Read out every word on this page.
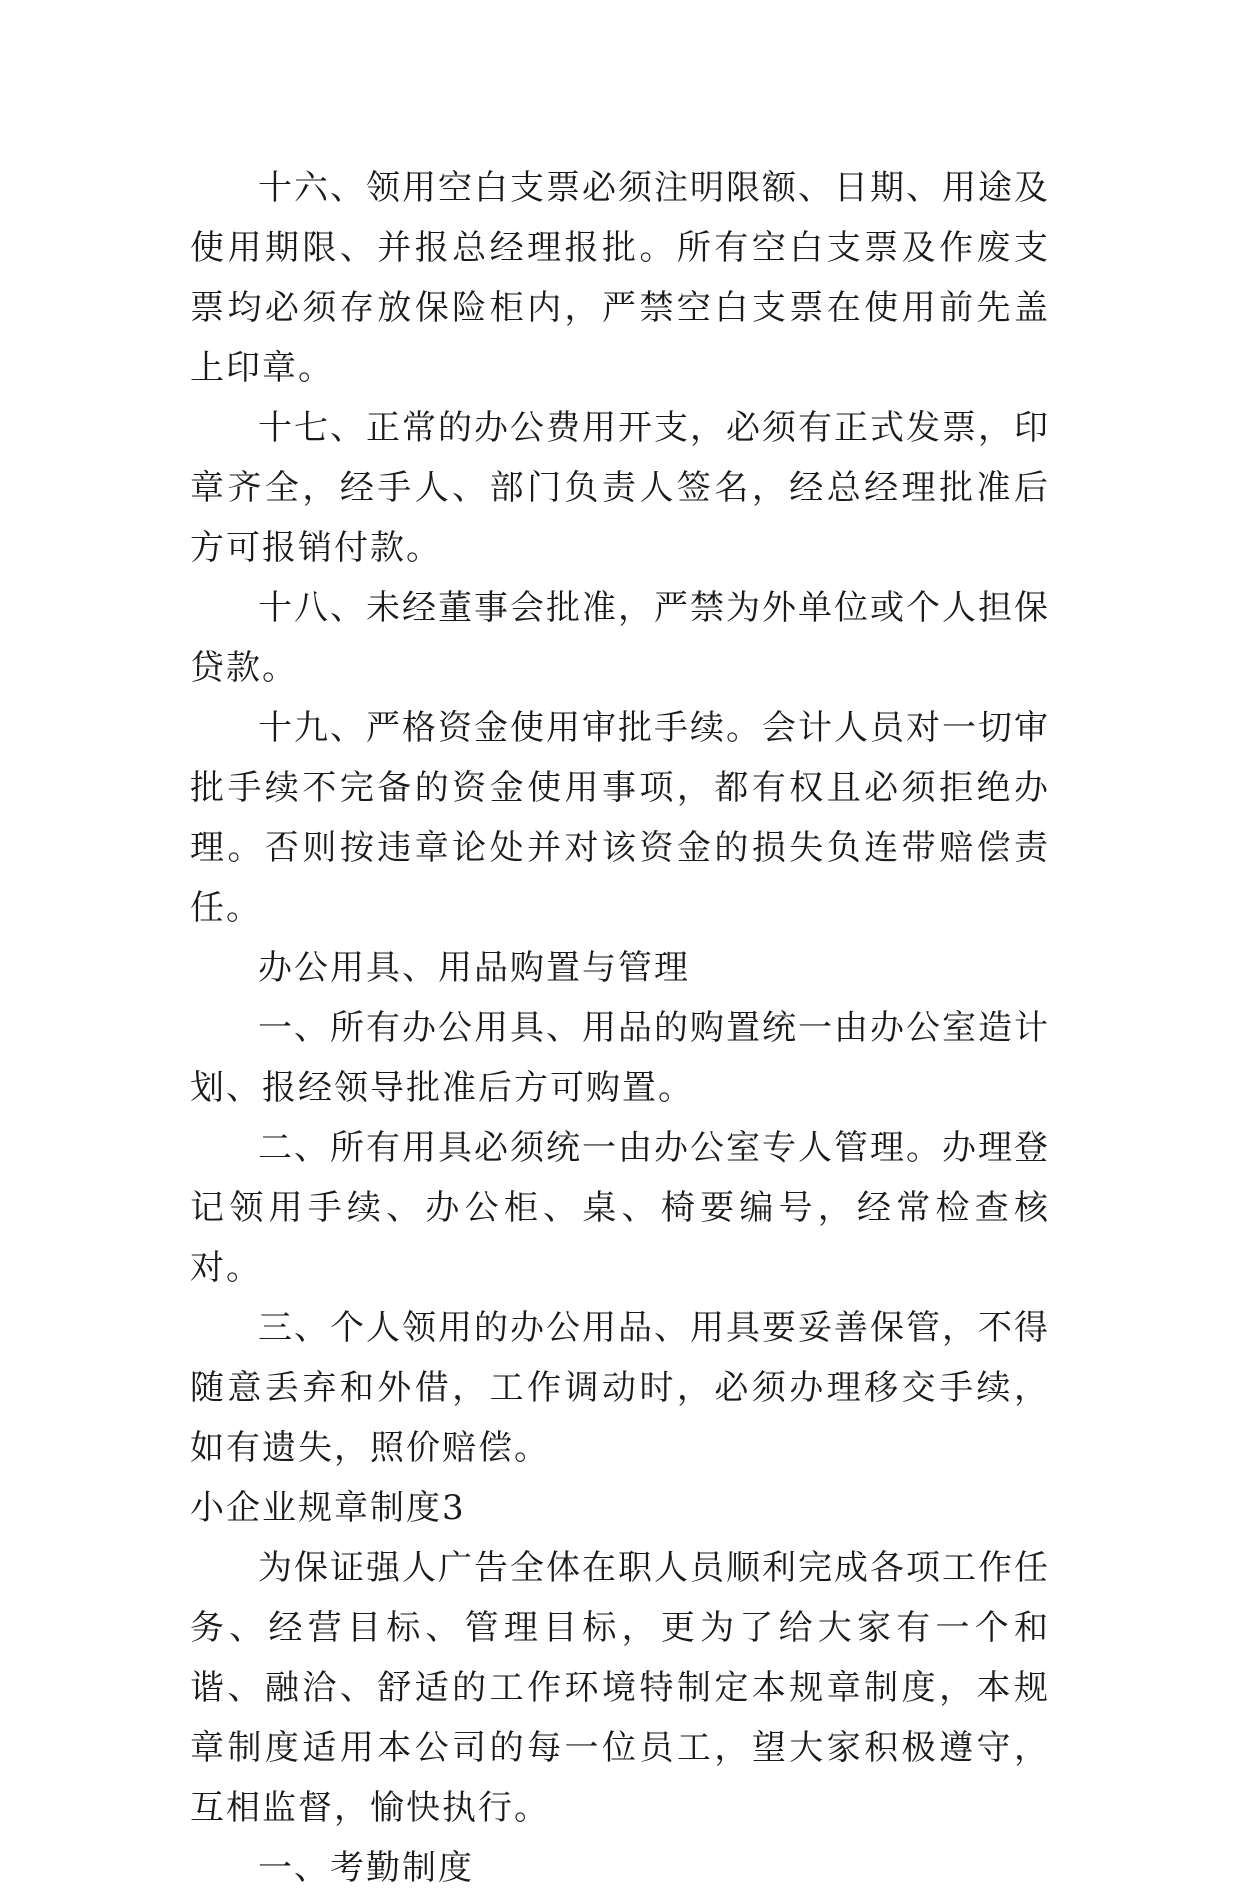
十六、领用空白支票必须注明限额、日期、用途及使用期限、并报总经理报批。所有空白支票及作废支票均必须存放保险柜内，严禁空白支票在使用前先盖上印章。

十七、正常的办公费用开支，必须有正式发票，印章齐全，经手人、部门负责人签名，经总经理批准后方可报销付款。

十八、未经董事会批准，严禁为外单位或个人担保贷款。

十九、严格资金使用审批手续。会计人员对一切审批手续不完备的资金使用事项，都有权且必须拒绝办理。否则按违章论处并对该资金的损失负连带赔偿责任。

办公用具、用品购置与管理

一、所有办公用具、用品的购置统一由办公室造计划、报经领导批准后方可购置。

二、所有用具必须统一由办公室专人管理。办理登记领用手续、办公柜、桌、椅要编号，经常检查核对。

三、个人领用的办公用品、用具要妥善保管，不得随意丢弃和外借，工作调动时，必须办理移交手续，如有遗失，照价赔偿。

小企业规章制度3

为保证强人广告全体在职人员顺利完成各项工作任务、经营目标、管理目标，更为了给大家有一个和谐、融洽、舒适的工作环境特制定本规章制度，本规章制度适用本公司的每一位员工，望大家积极遵守，互相监督，愉快执行。

一、考勤制度
